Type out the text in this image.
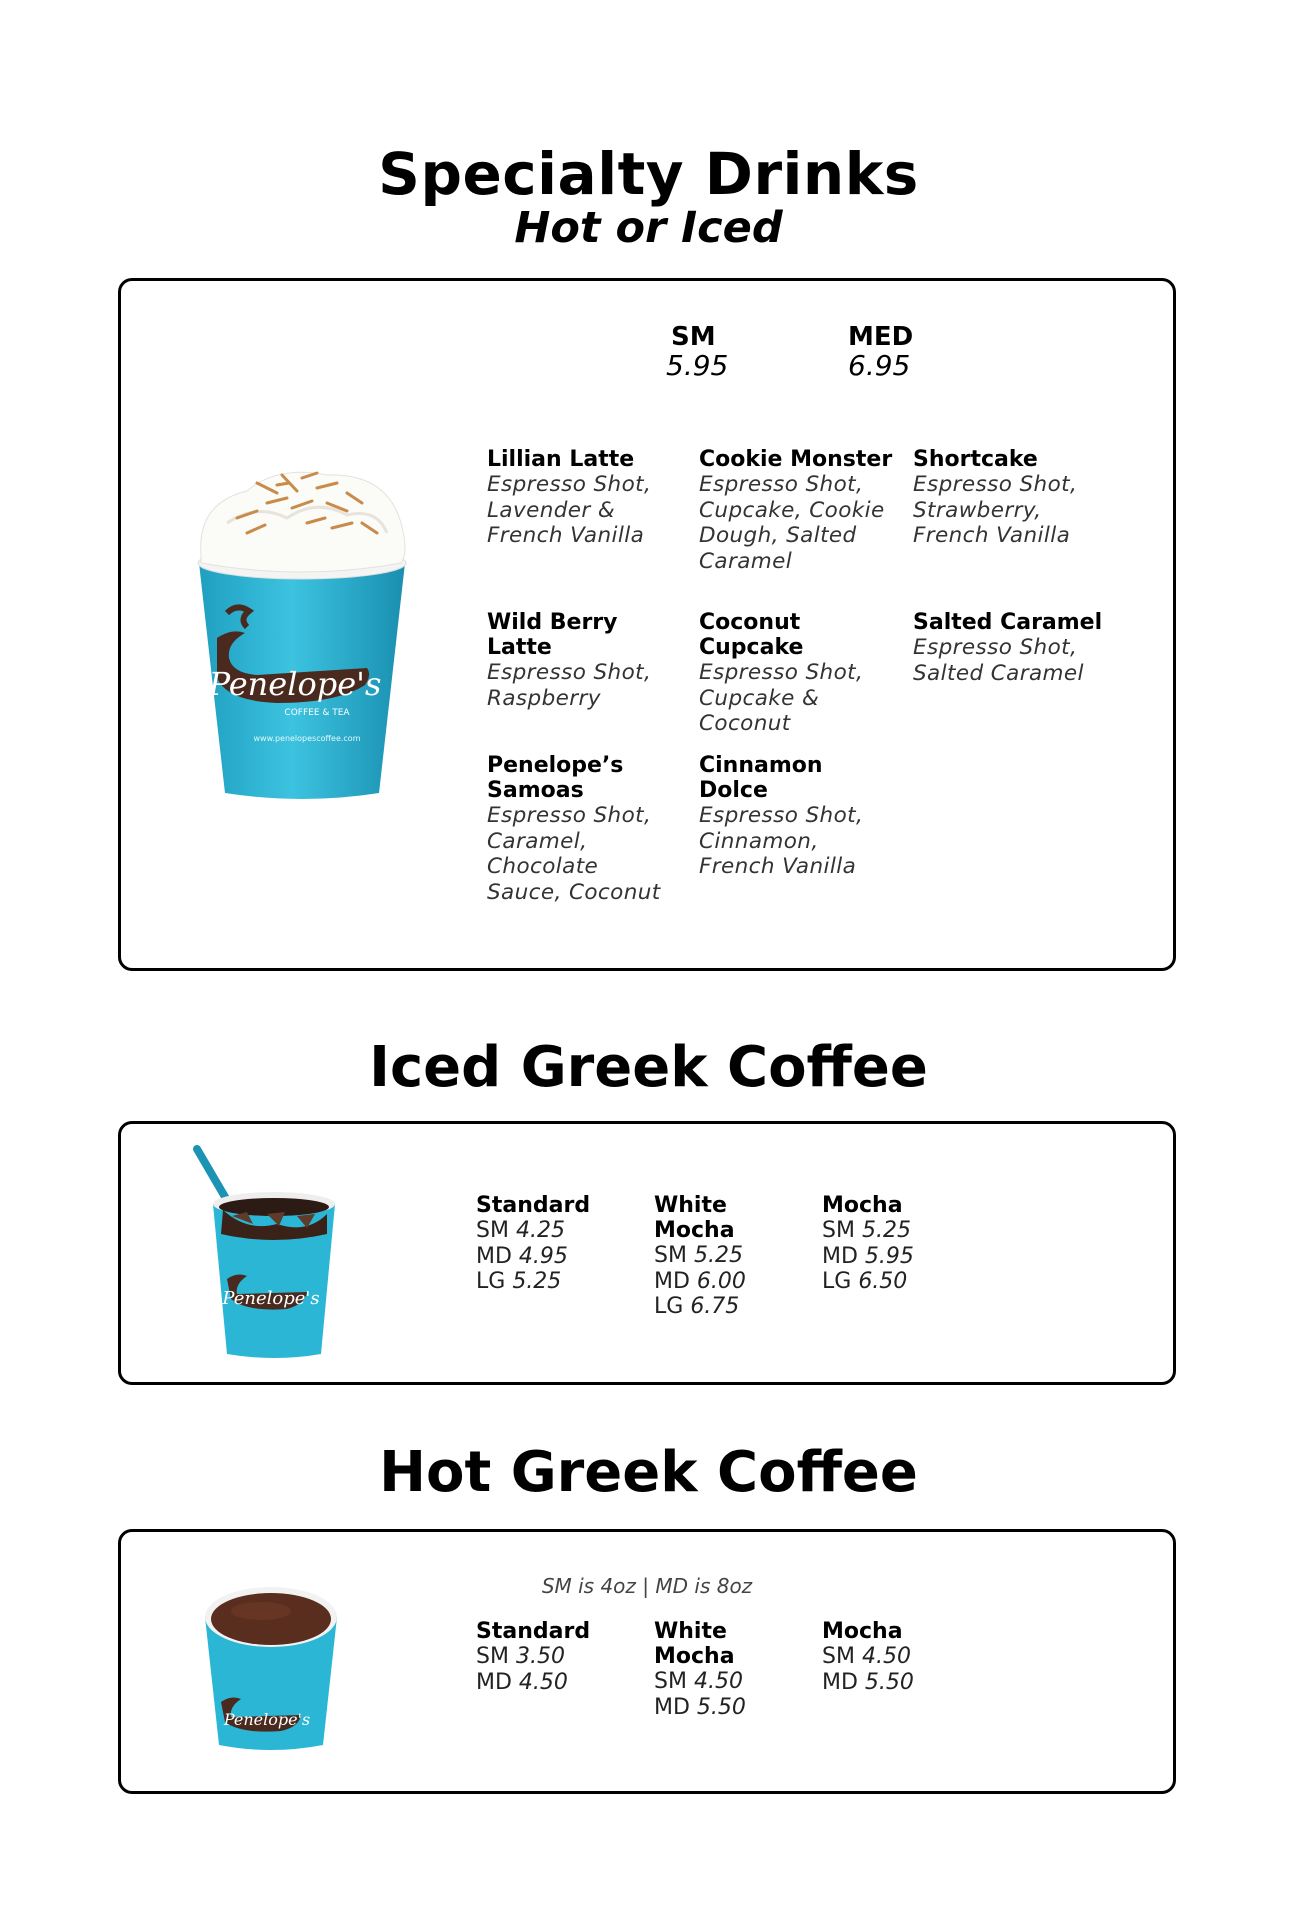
Specialty Drinks
Hot or Iced
SM
5.95
MED
6.95
Penelope's
COFFEE & TEA
www.penelopescoffee.com
Lillian Latte
Espresso Shot,
Lavender &
French Vanilla
Cookie Monster
Espresso Shot,
Cupcake, Cookie
Dough, Salted
Caramel
Shortcake
Espresso Shot,
Strawberry,
French Vanilla
Wild Berry Latte
Espresso Shot,
Raspberry
Coconut
Cupcake
Espresso Shot,
Cupcake &
Coconut
Salted Caramel
Espresso Shot,
Salted Caramel
Penelope’s
Samoas
Espresso Shot,
Caramel,
Chocolate
Sauce, Coconut
Cinnamon Dolce
Espresso Shot,
Cinnamon,
French Vanilla
Iced Greek Coffee
Penelope's
Standard
SM 4.25
MD 4.95
LG 5.25
White
Mocha
SM 5.25
MD 6.00
LG 6.75
Mocha
SM 5.25
MD 5.95
LG 6.50
Hot Greek Coffee
SM is 4oz | MD is 8oz
Penelope's
Standard
SM 3.50
MD 4.50
White
Mocha
SM 4.50
MD 5.50
Mocha
SM 4.50
MD 5.50
